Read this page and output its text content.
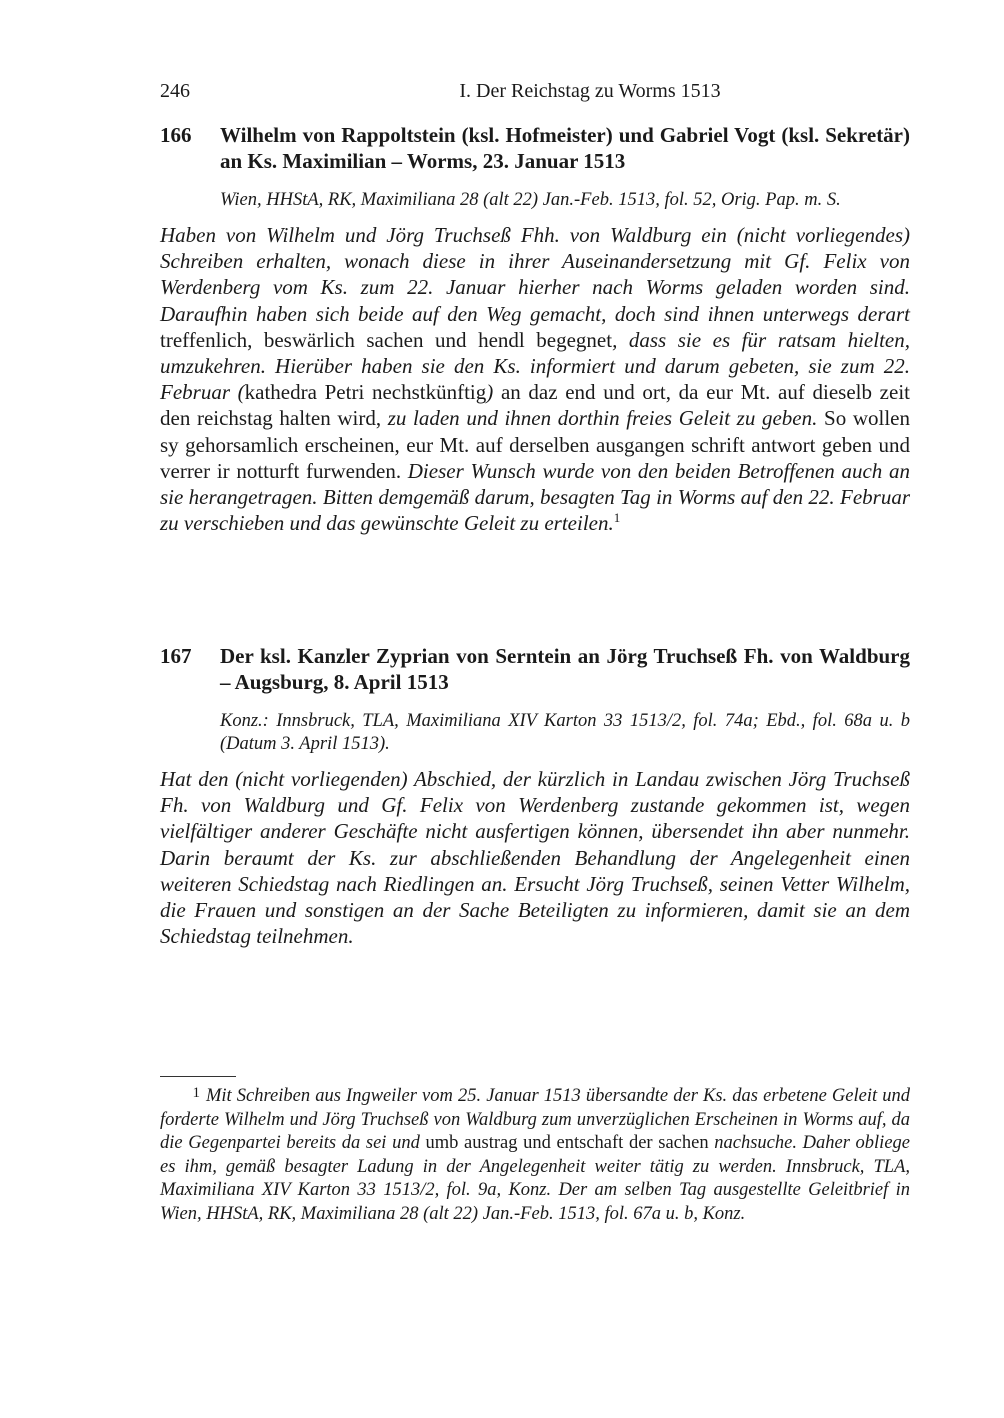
246	I. Der Reichstag zu Worms 1513
166	Wilhelm von Rappoltstein (ksl. Hofmeister) und Gabriel Vogt (ksl. Sekretär) an Ks. Maximilian – Worms, 23. Januar 1513
Wien, HHStA, RK, Maximiliana 28 (alt 22) Jan.-Feb. 1513, fol. 52, Orig. Pap. m. S.
Haben von Wilhelm und Jörg Truchseß Fhh. von Waldburg ein (nicht vorliegendes) Schreiben erhalten, wonach diese in ihrer Auseinandersetzung mit Gf. Felix von Werdenberg vom Ks. zum 22. Januar hierher nach Worms geladen worden sind. Daraufhin haben sich beide auf den Weg gemacht, doch sind ihnen unterwegs derart treffenlich, beswärlich sachen und hendl begegnet, dass sie es für ratsam hielten, umzukehren. Hierüber haben sie den Ks. informiert und darum gebeten, sie zum 22. Februar (kathedra Petri nechstkünftig) an daz end und ort, da eur Mt. auf dieselb zeit den reichstag halten wird, zu laden und ihnen dorthin freies Geleit zu geben. So wollen sy gehorsamlich erscheinen, eur Mt. auf derselben ausgangen schrift antwort geben und verrer ir notturft furwenden. Dieser Wunsch wurde von den beiden Betroffenen auch an sie herangetragen. Bitten demgemäß darum, besagten Tag in Worms auf den 22. Februar zu verschieben und das gewünschte Geleit zu erteilen.$^1$
167	Der ksl. Kanzler Zyprian von Serntein an Jörg Truchseß Fh. von Waldburg – Augsburg, 8. April 1513
Konz.: Innsbruck, TLA, Maximiliana XIV Karton 33 1513/2, fol. 74a; Ebd., fol. 68a u. b (Datum 3. April 1513).
Hat den (nicht vorliegenden) Abschied, der kürzlich in Landau zwischen Jörg Truchseß Fh. von Waldburg und Gf. Felix von Werdenberg zustande gekommen ist, wegen vielfältiger anderer Geschäfte nicht ausfertigen können, übersendet ihn aber nunmehr. Darin beraumt der Ks. zur abschließenden Behandlung der Angelegenheit einen weiteren Schiedstag nach Riedlingen an. Ersucht Jörg Truchseß, seinen Vetter Wilhelm, die Frauen und sonstigen an der Sache Beteiligten zu informieren, damit sie an dem Schiedstag teilnehmen.
1 Mit Schreiben aus Ingweiler vom 25. Januar 1513 übersandte der Ks. das erbetene Geleit und forderte Wilhelm und Jörg Truchseß von Waldburg zum unverzüglichen Erscheinen in Worms auf, da die Gegenpartei bereits da sei und umb austrag und entschaft der sachen nachsuche. Daher obliege es ihm, gemäß besagter Ladung in der Angelegenheit weiter tätig zu werden. Innsbruck, TLA, Maximiliana XIV Karton 33 1513/2, fol. 9a, Konz. Der am selben Tag ausgestellte Geleitbrief in Wien, HHStA, RK, Maximiliana 28 (alt 22) Jan.-Feb. 1513, fol. 67a u. b, Konz.
